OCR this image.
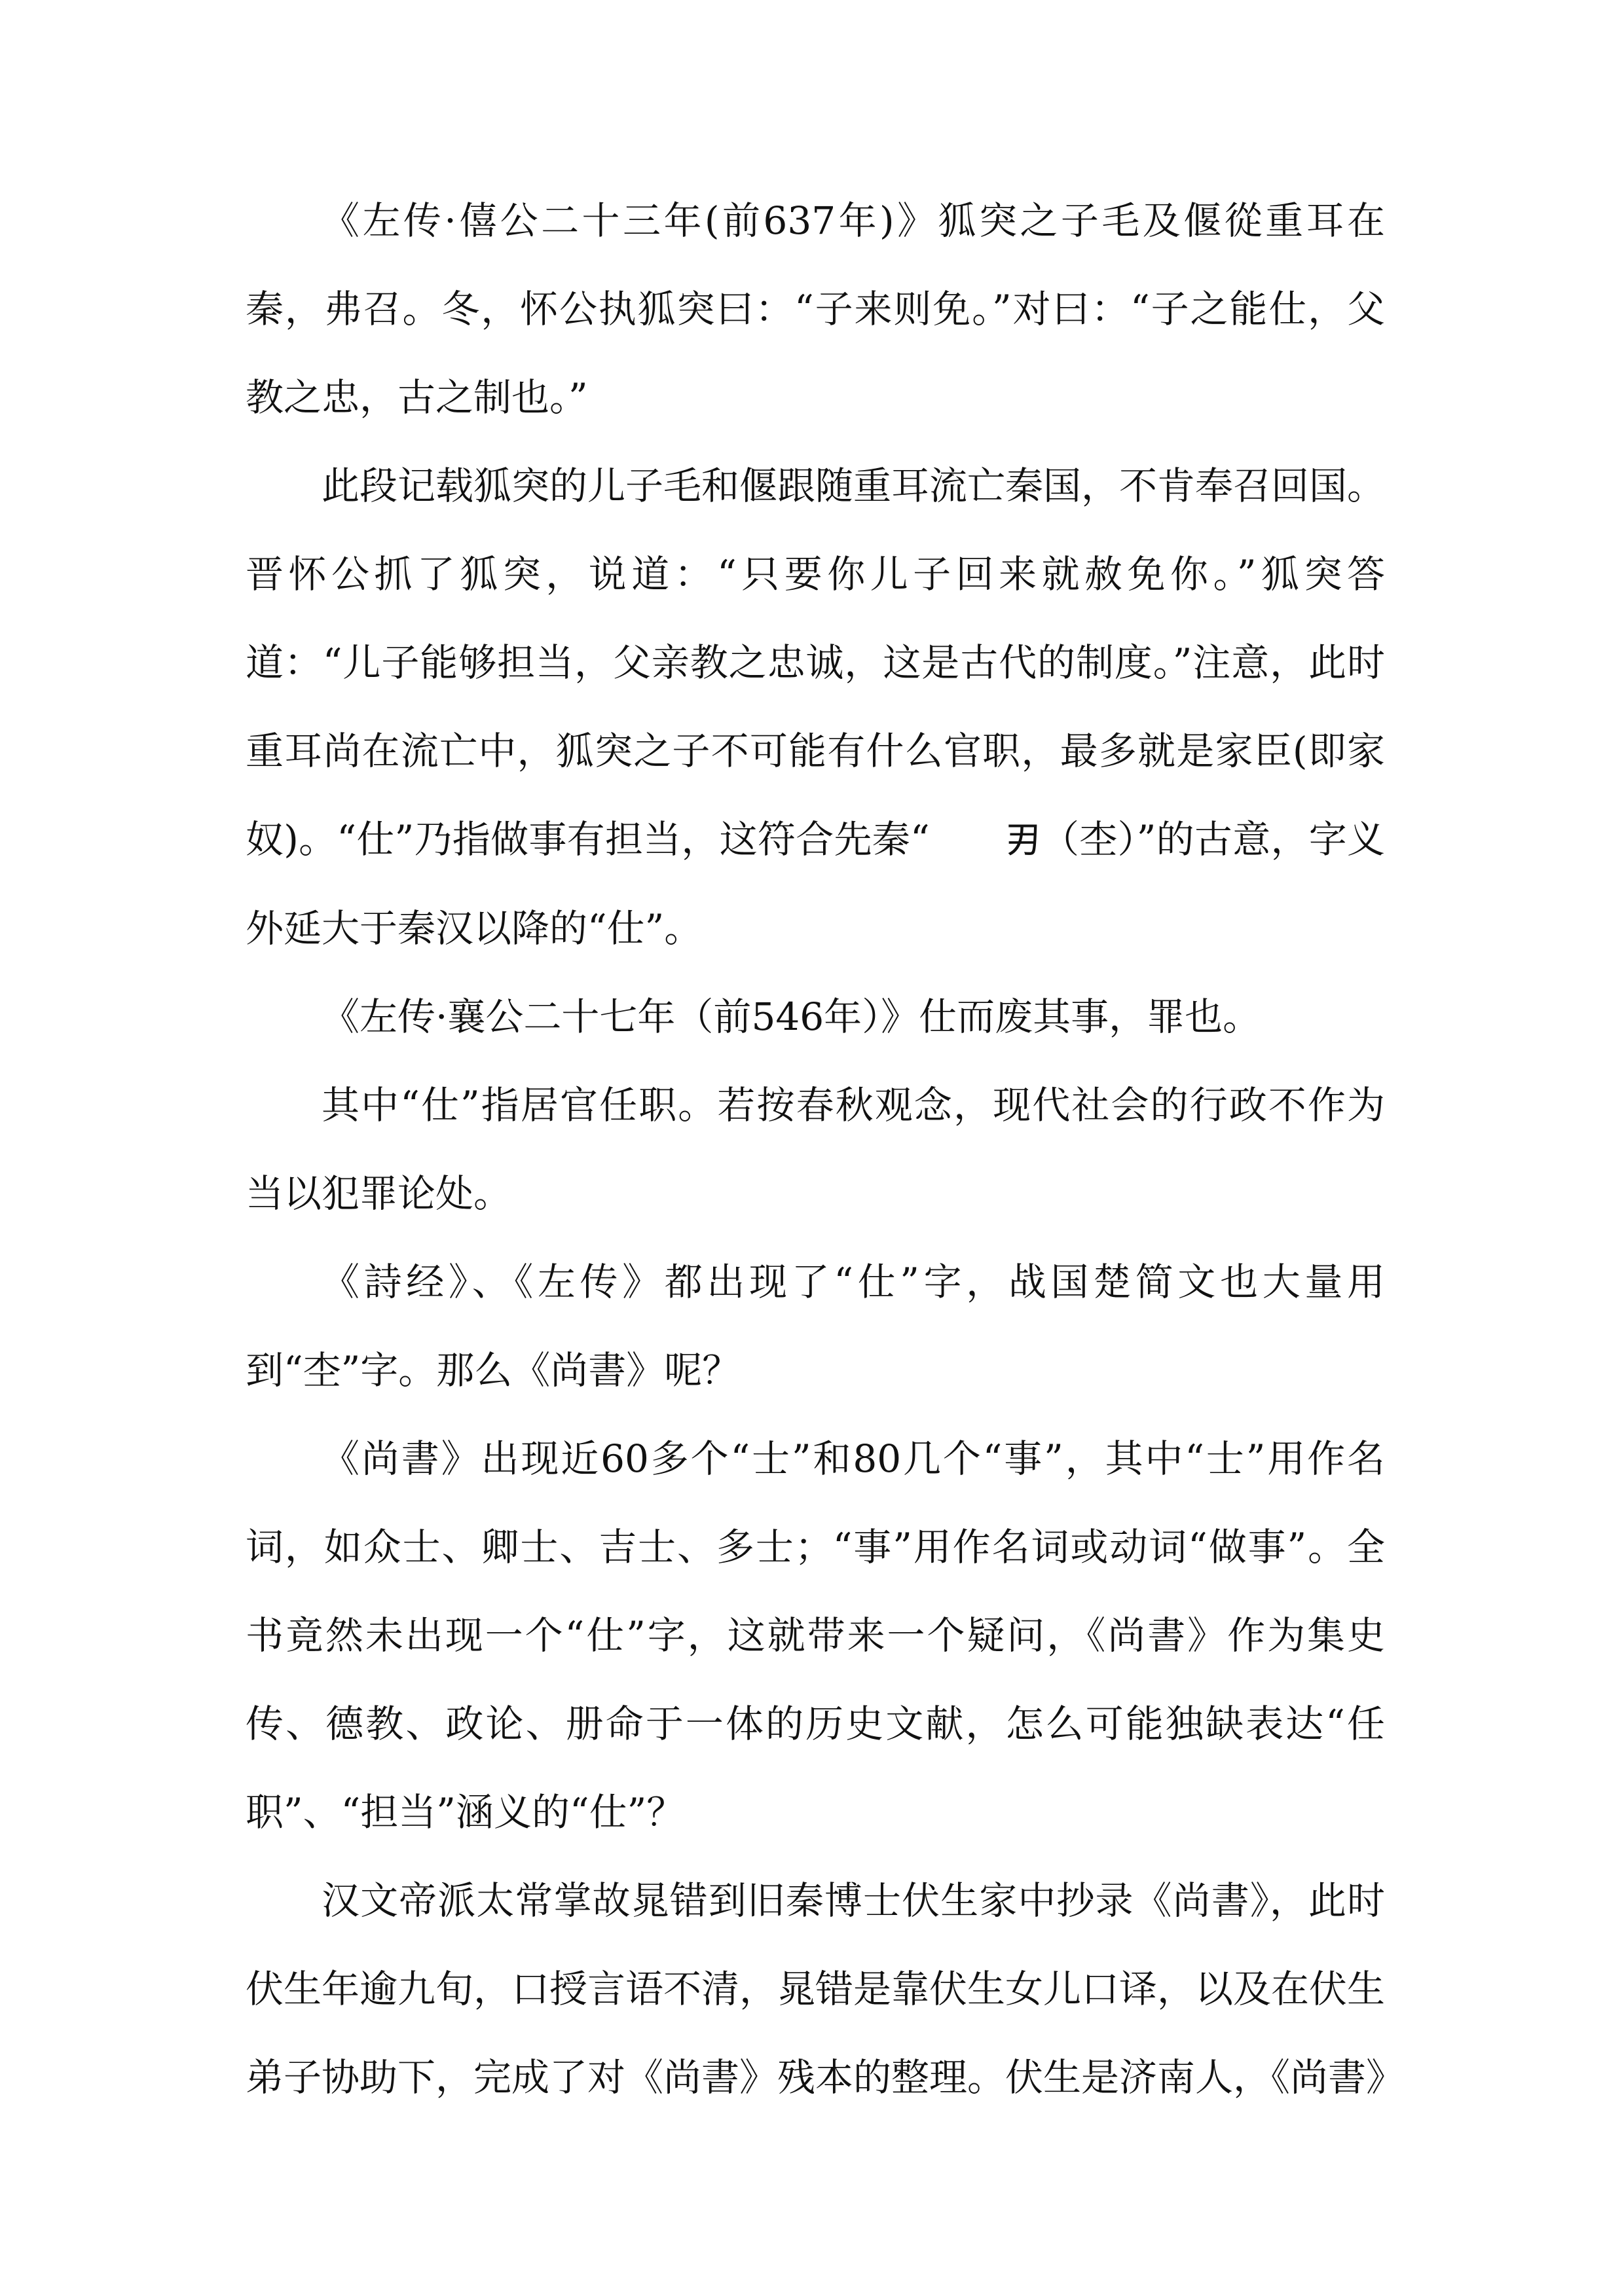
《左传·僖公二十三年(前637年)》狐突之子毛及偃從重耳在秦，弗召。冬，怀公执狐突曰：“子来则免。”对曰：“子之能仕，父教之忠，古之制也。”

此段记载狐突的儿子毛和偃跟随重耳流亡秦国，不肯奉召回国。晋怀公抓了狐突，说道：“只要你儿子回来就赦免你。”狐突答道：“儿子能够担当，父亲教之忠诚，这是古代的制度。”注意，此时重耳尚在流亡中，狐突之子不可能有什么官职，最多就是家臣(即家奴)。“仕”乃指做事有担当，这符合先秦“ 𭃂（杢）”的古意，字义外延大于秦汉以降的“仕”。

《左传·襄公二十七年（前546年）》仕而废其事，罪也。

其中“仕”指居官任职。若按春秋观念，现代社会的行政不作为当以犯罪论处。

《詩经》、《左传》都出现了“仕”字，战国楚简文也大量用到“杢”字。那么《尚書》呢？

《尚書》出现近60多个“士”和80几个“事”，其中“士”用作名词，如众士、卿士、吉士、多士；“事”用作名词或动词“做事”。全书竟然未出现一个“仕”字，这就带来一个疑问，《尚書》作为集史传、德教、政论、册命于一体的历史文献，怎么可能独缺表达“任职”、“担当”涵义的“仕”？

汉文帝派太常掌故晁错到旧秦博士伏生家中抄录《尚書》，此时伏生年逾九旬，口授言语不清，晁错是靠伏生女儿口译，以及在伏生弟子协助下，完成了对《尚書》残本的整理。伏生是济南人，《尚書》
